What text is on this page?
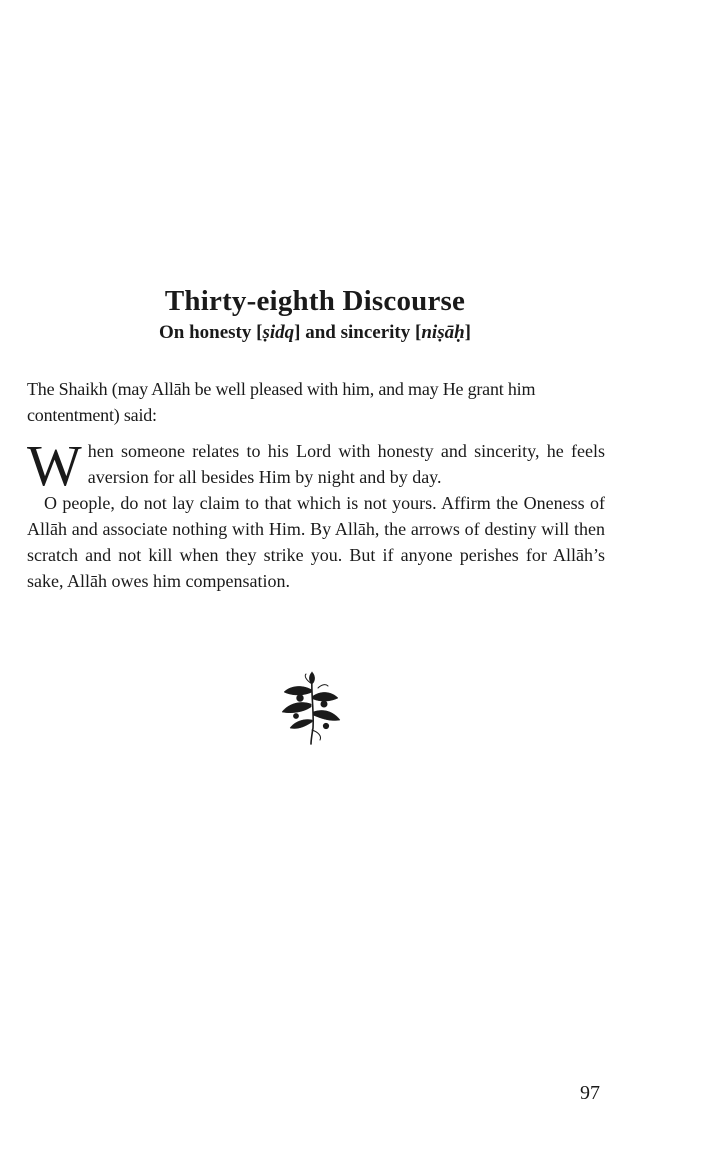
Thirty-eighth Discourse
On honesty [ṣidq] and sincerity [niṣāḥ]
The Shaikh (may Allāh be well pleased with him, and may He grant him contentment) said:

When someone relates to his Lord with honesty and sincerity, he feels aversion for all besides Him by night and by day.

O people, do not lay claim to that which is not yours. Affirm the Oneness of Allāh and associate nothing with Him. By Allāh, the arrows of destiny will then scratch and not kill when they strike you. But if anyone perishes for Allāh’s sake, Allāh owes him compensation.

97
